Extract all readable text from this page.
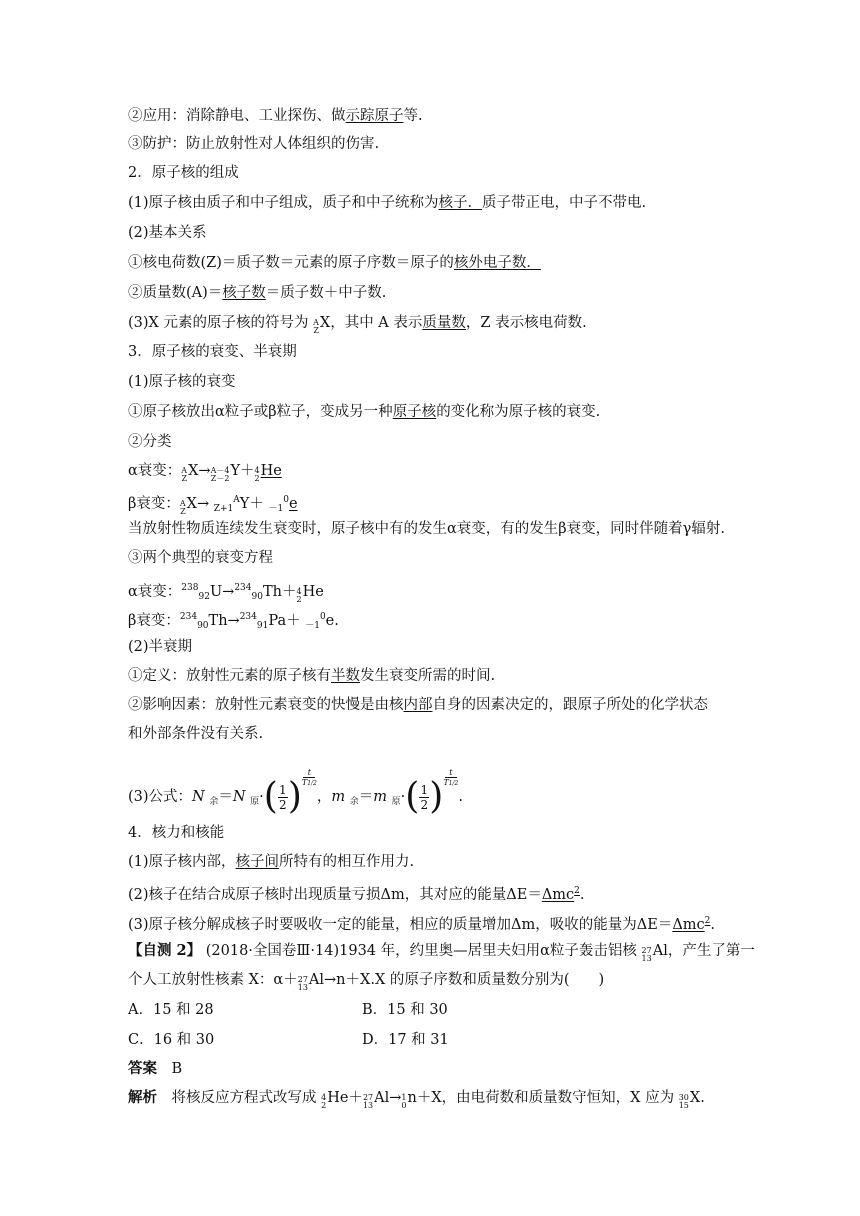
②应用：消除静电、工业探伤、做示踪原子等.
③防护：防止放射性对人体组织的伤害.
2．原子核的组成
(1)原子核由质子和中子组成，质子和中子统称为核子．质子带正电，中子不带电.
(2)基本关系
①核电荷数(Z)＝质子数＝元素的原子序数＝原子的核外电子数．
②质量数(A)＝核子数＝质子数＋中子数.
(3)X 元素的原子核的符号为 A
Z X，其中 A 表示质量数，Z 表示核电荷数.
3．原子核的衰变、半衰期
(1)原子核的衰变
①原子核放出α粒子或β粒子，变成另一种原子核的变化称为原子核的衰变.
②分类
α衰变： A
Z X→ A－4
Z－2 Y＋ 4
2 He
β衰变： A
Z X→ $_{Z+1}^A$Y＋ $_{-1}^0$e
当放射性物质连续发生衰变时，原子核中有的发生α衰变，有的发生β衰变，同时伴随着γ辐射.
③两个典型的衰变方程
α衰变：$^{238}_{92}$U→$^{234}_{90}$Th＋ 4
2 He
β衰变：$^{234}_{90}$Th→$^{234}_{91}$Pa＋ $_{-1}^0$e.
(2)半衰期
①定义：放射性元素的原子核有半数发生衰变所需的时间.
②影响因素：放射性元素衰变的快慢是由核内部自身的因素决定的，跟原子所处的化学状态
和外部条件没有关系.
(3)公式：N $_余$＝N $_原\cdot( \frac{1}{2}$ ) $\frac{t}{T1/2}$
，m $_余$＝m $_原\cdot( \frac{1}{2}$ ) $\frac{t}{T1/2}$
.
4．核力和核能
(1)原子核内部，核子间所特有的相互作用力.
(2)核子在结合成原子核时出现质量亏损Δm，其对应的能量ΔE＝Δmc$^2$.
(3)原子核分解成核子时要吸收一定的能量，相应的质量增加Δm，吸收的能量为ΔE＝Δmc$^2$.
【自测 2】 (2018·全国卷Ⅲ·14)1934 年，约里奥—居里夫妇用α粒子轰击铝核 27
13 Al，产生了第一
个人工放射性核素 X：α＋ 27
13 Al→n＋X.X 的原子序数和质量数分别为(　　)
A．15 和 28	B．15 和 30
C．16 和 30	D．17 和 31
答案　 B
解析　 将核反应方程式改写成 4
2 He＋ 27
13 Al→ 1
0 n＋X，由电荷数和质量数守恒知，X 应为 30
15 X.
